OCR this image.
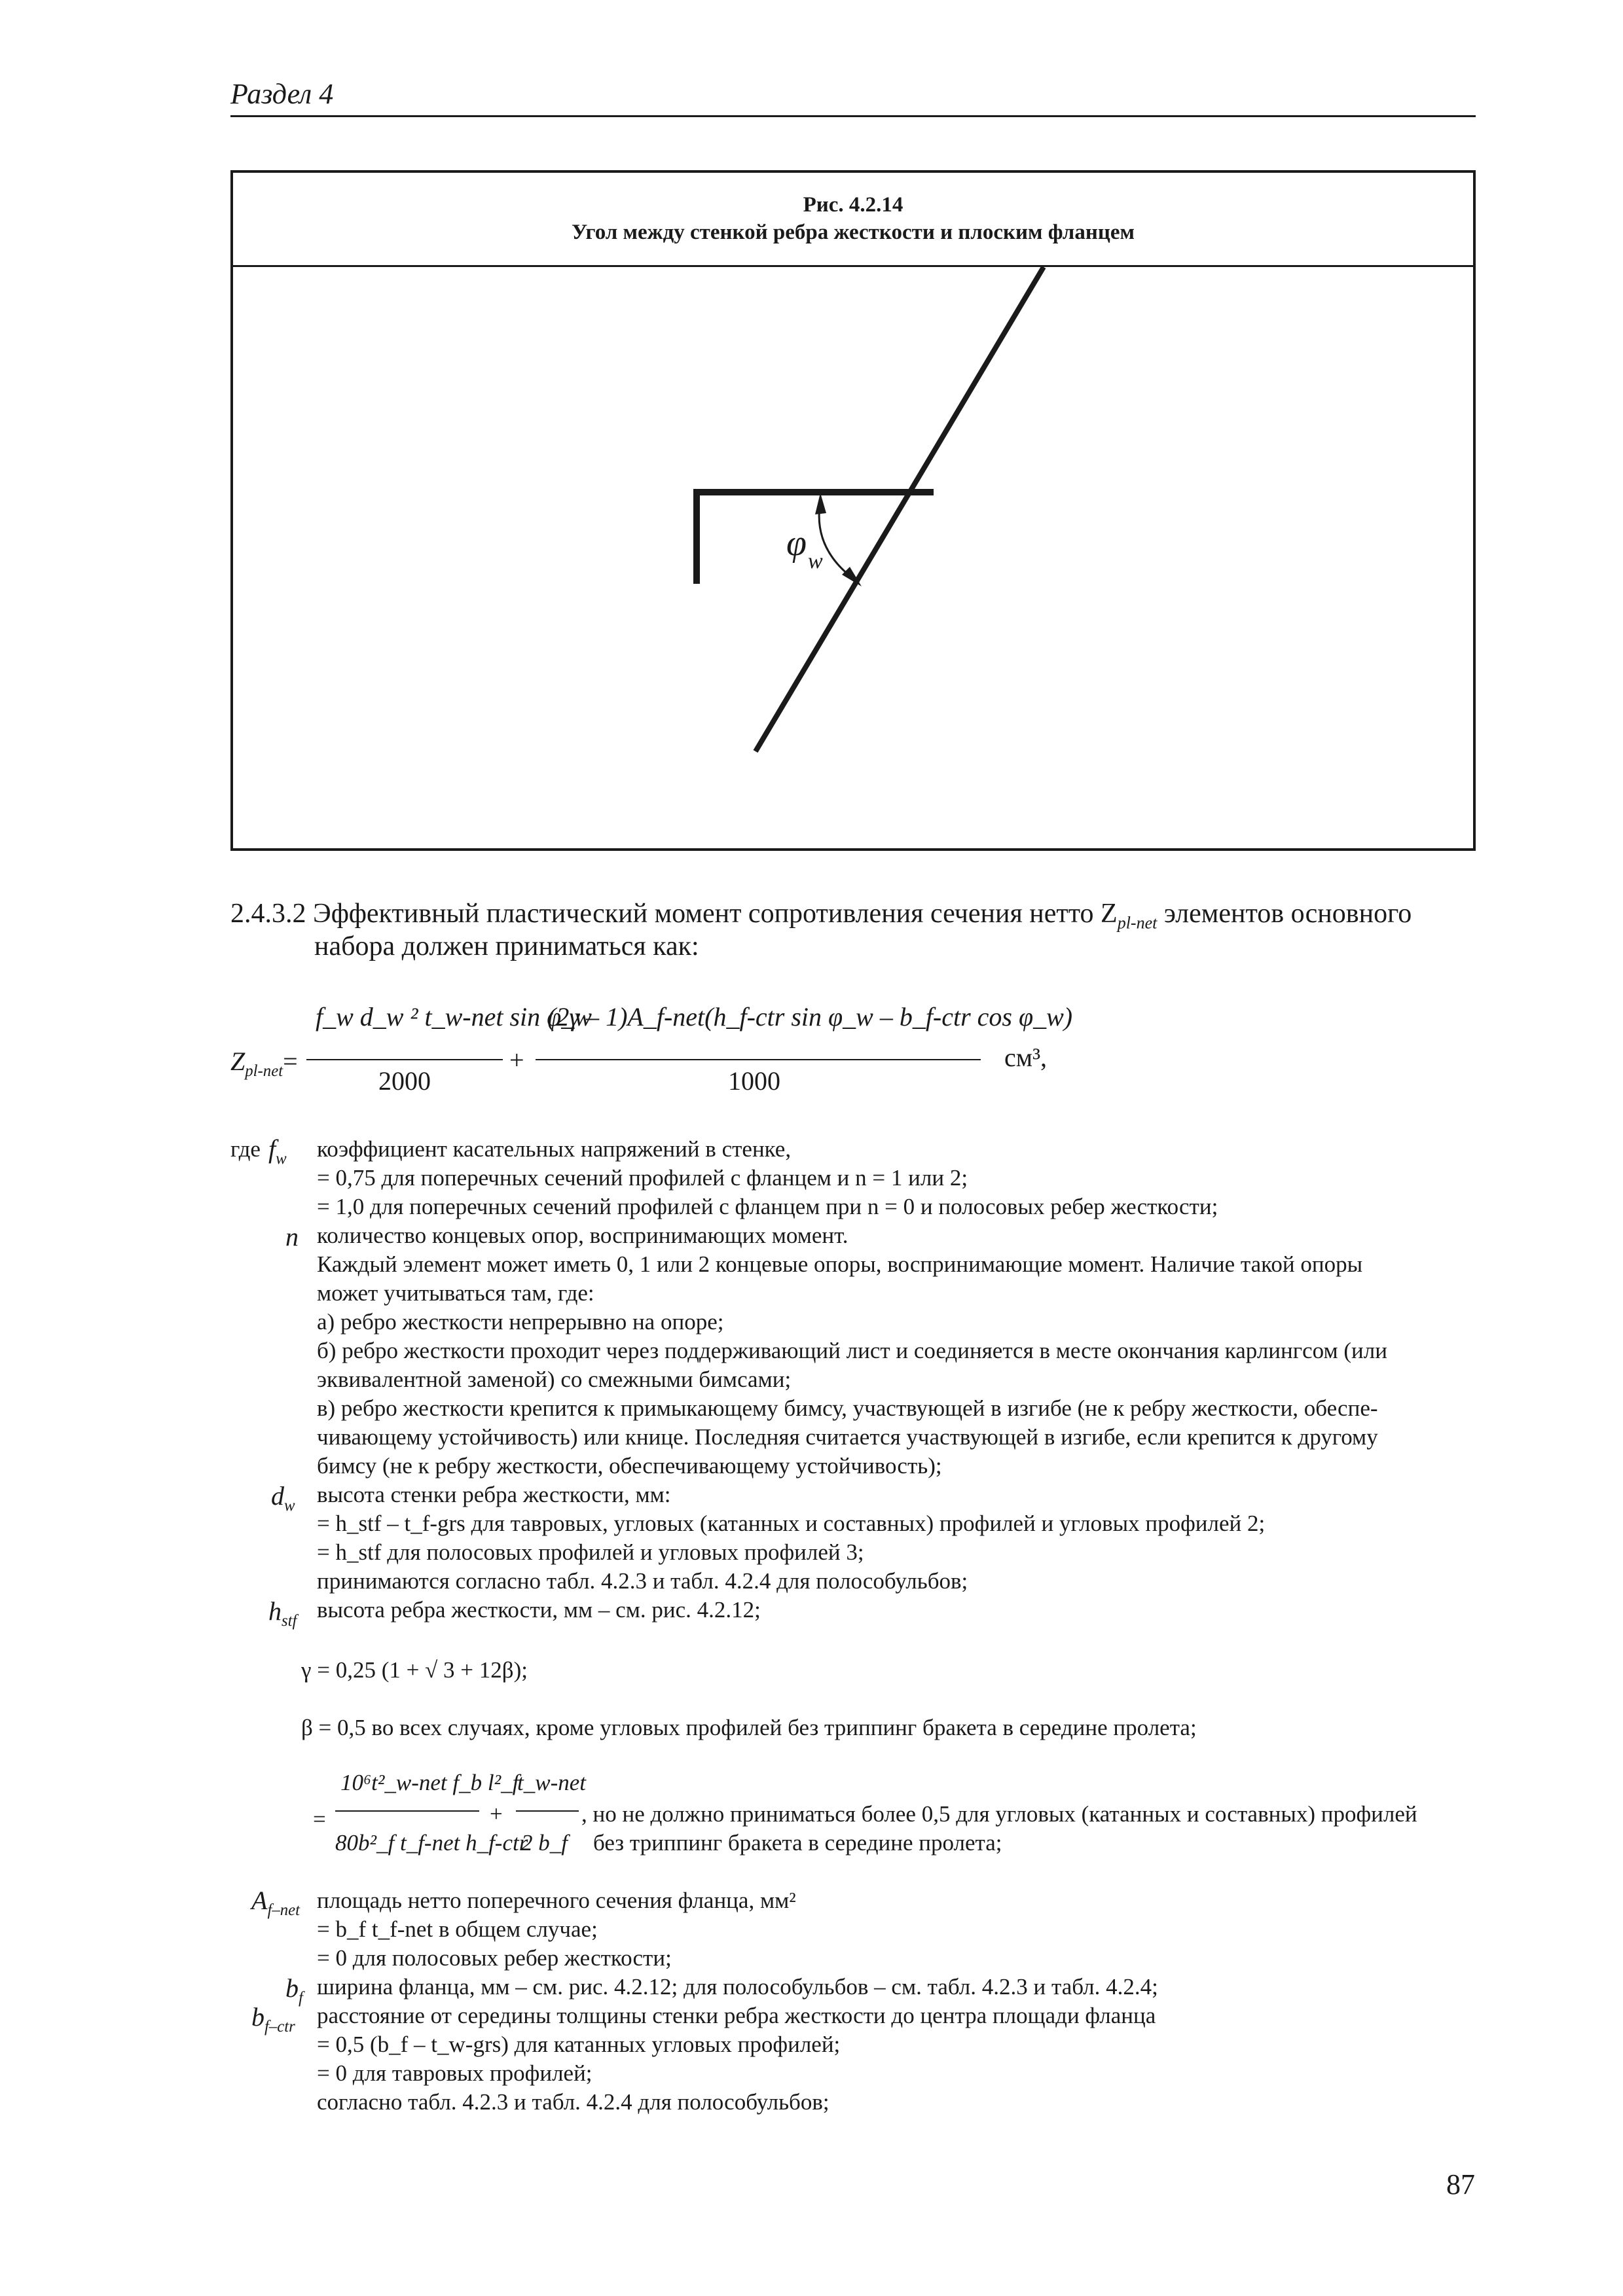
Раздел 4
Рис. 4.2.14
Угол между стенкой ребра жесткости и плоским фланцем
φ w
2.4.3.2 Эффективный пластический момент сопротивления сечения нетто $Z_{pl-net}$ элементов основного
набора должен приниматься как:
$Z_{pl-net}=$
f_w d_w ² t_w-net sin φ_w
2000
+
(2γ – 1)A_f-net(h_f-ctr sin φ_w – b_f-ctr cos φ_w)
1000
см³,
где $f_w$ коэффициент касательных напряжений в стенке,
= 0,75 для поперечных сечений профилей с фланцем и n = 1 или 2;
= 1,0 для поперечных сечений профилей с фланцем при n = 0 и полосовых ребер жесткости;
n количество концевых опор, воспринимающих момент.
Каждый элемент может иметь 0, 1 или 2 концевые опоры, воспринимающие момент. Наличие такой опоры
может учитываться там, где:
а) ребро жесткости непрерывно на опоре;
б) ребро жесткости проходит через поддерживающий лист и соединяется в месте окончания карлингсом (или
эквивалентной заменой) со смежными бимсами;
в) ребро жесткости крепится к примыкающему бимсу, участвующей в изгибе (не к ребру жесткости, обеспе-
чивающему устойчивость) или книце. Последняя считается участвующей в изгибе, если крепится к другому
бимсу (не к ребру жесткости, обеспечивающему устойчивость);
$d_w$ высота стенки ребра жесткости, мм:
= h_stf – t_f-grs для тавровых, угловых (катанных и составных) профилей и угловых профилей 2;
= h_stf для полосовых профилей и угловых профилей 3;
принимаются согласно табл. 4.2.3 и табл. 4.2.4 для полособульбов;
$h_{stf}$ высота ребра жесткости, мм – см. рис. 4.2.12;
γ = 0,25 (1 + √ 3 + 12β);
β = 0,5 во всех случаях, кроме угловых профилей без триппинг бракета в середине пролета;
=
10⁶t²_w-net f_b l²_f
80b²_f t_f-net h_f-ctr
+
t_w-net
2 b_f
, но не должно приниматься более 0,5 для угловых (катанных и составных) профилей
без триппинг бракета в середине пролета;
$A_{f-net}$ площадь нетто поперечного сечения фланца, мм²
= b_f t_f-net в общем случае;
= 0 для полосовых ребер жесткости;
$b_f$ ширина фланца, мм – см. рис. 4.2.12; для полособульбов – см. табл. 4.2.3 и табл. 4.2.4;
$b_{f-ctr}$ расстояние от середины толщины стенки ребра жесткости до центра площади фланца
= 0,5 (b_f – t_w-grs) для катанных угловых профилей;
= 0 для тавровых профилей;
согласно табл. 4.2.3 и табл. 4.2.4 для полособульбов;
87
